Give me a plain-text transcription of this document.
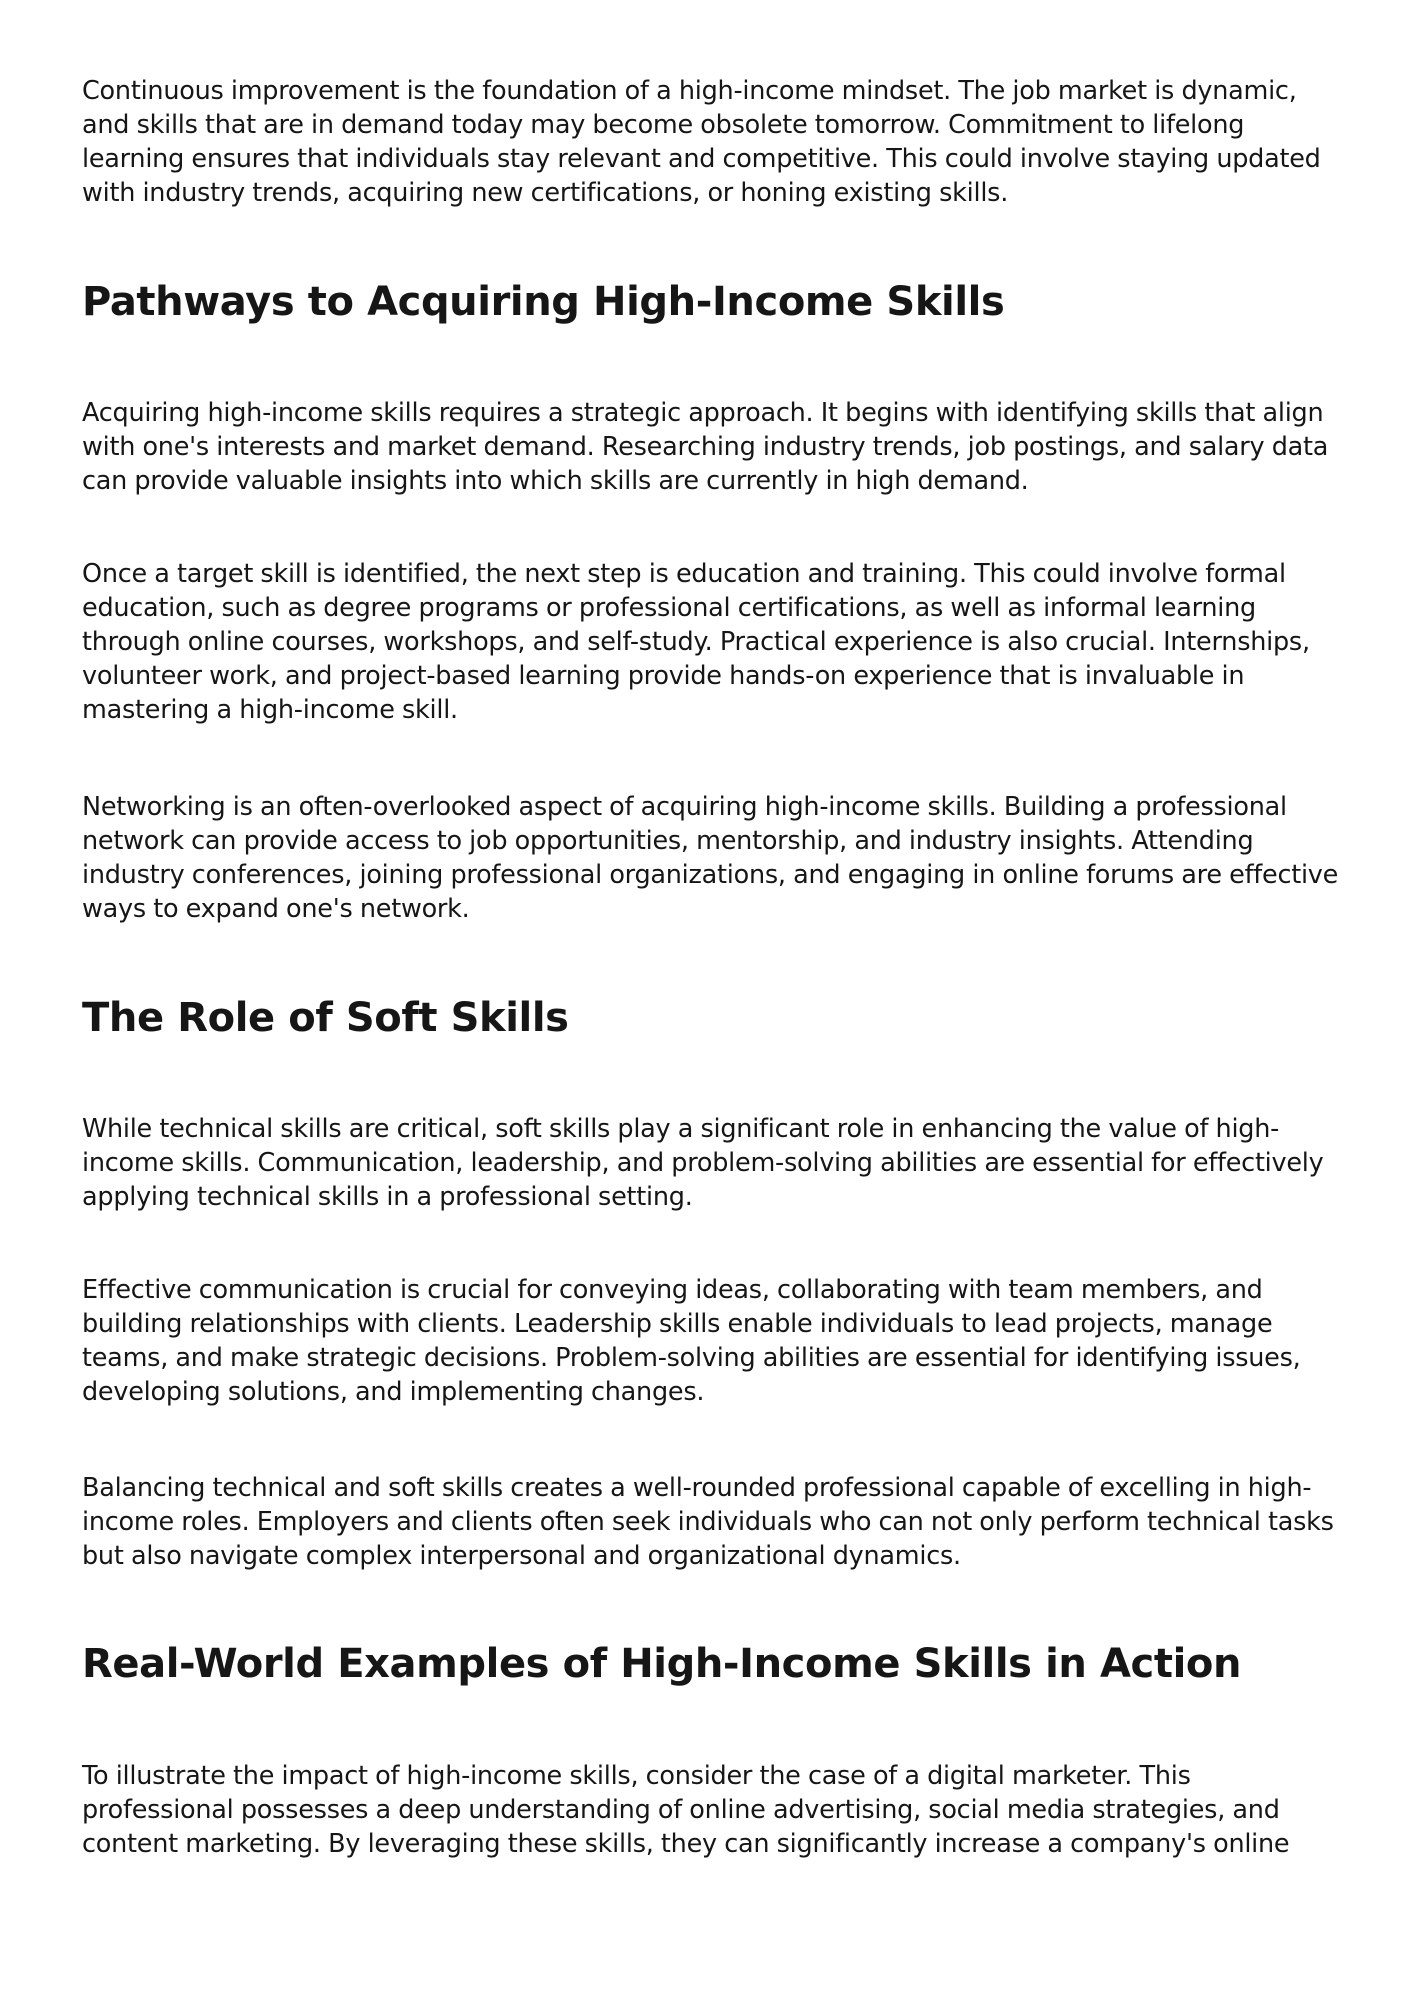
Continuous improvement is the foundation of a high-income mindset. The job market is dynamic, and skills that are in demand today may become obsolete tomorrow. Commitment to lifelong learning ensures that individuals stay relevant and competitive. This could involve staying updated with industry trends, acquiring new certifications, or honing existing skills.

Pathways to Acquiring High-Income Skills

Acquiring high-income skills requires a strategic approach. It begins with identifying skills that align with one's interests and market demand. Researching industry trends, job postings, and salary data can provide valuable insights into which skills are currently in high demand.

Once a target skill is identified, the next step is education and training. This could involve formal education, such as degree programs or professional certifications, as well as informal learning through online courses, workshops, and self-study. Practical experience is also crucial. Internships, volunteer work, and project-based learning provide hands-on experience that is invaluable in mastering a high-income skill.

Networking is an often-overlooked aspect of acquiring high-income skills. Building a professional network can provide access to job opportunities, mentorship, and industry insights. Attending industry conferences, joining professional organizations, and engaging in online forums are effective ways to expand one's network.

The Role of Soft Skills

While technical skills are critical, soft skills play a significant role in enhancing the value of high-income skills. Communication, leadership, and problem-solving abilities are essential for effectively applying technical skills in a professional setting.

Effective communication is crucial for conveying ideas, collaborating with team members, and building relationships with clients. Leadership skills enable individuals to lead projects, manage teams, and make strategic decisions. Problem-solving abilities are essential for identifying issues, developing solutions, and implementing changes.

Balancing technical and soft skills creates a well-rounded professional capable of excelling in high-income roles. Employers and clients often seek individuals who can not only perform technical tasks but also navigate complex interpersonal and organizational dynamics.

Real-World Examples of High-Income Skills in Action

To illustrate the impact of high-income skills, consider the case of a digital marketer. This professional possesses a deep understanding of online advertising, social media strategies, and content marketing. By leveraging these skills, they can significantly increase a company's online
